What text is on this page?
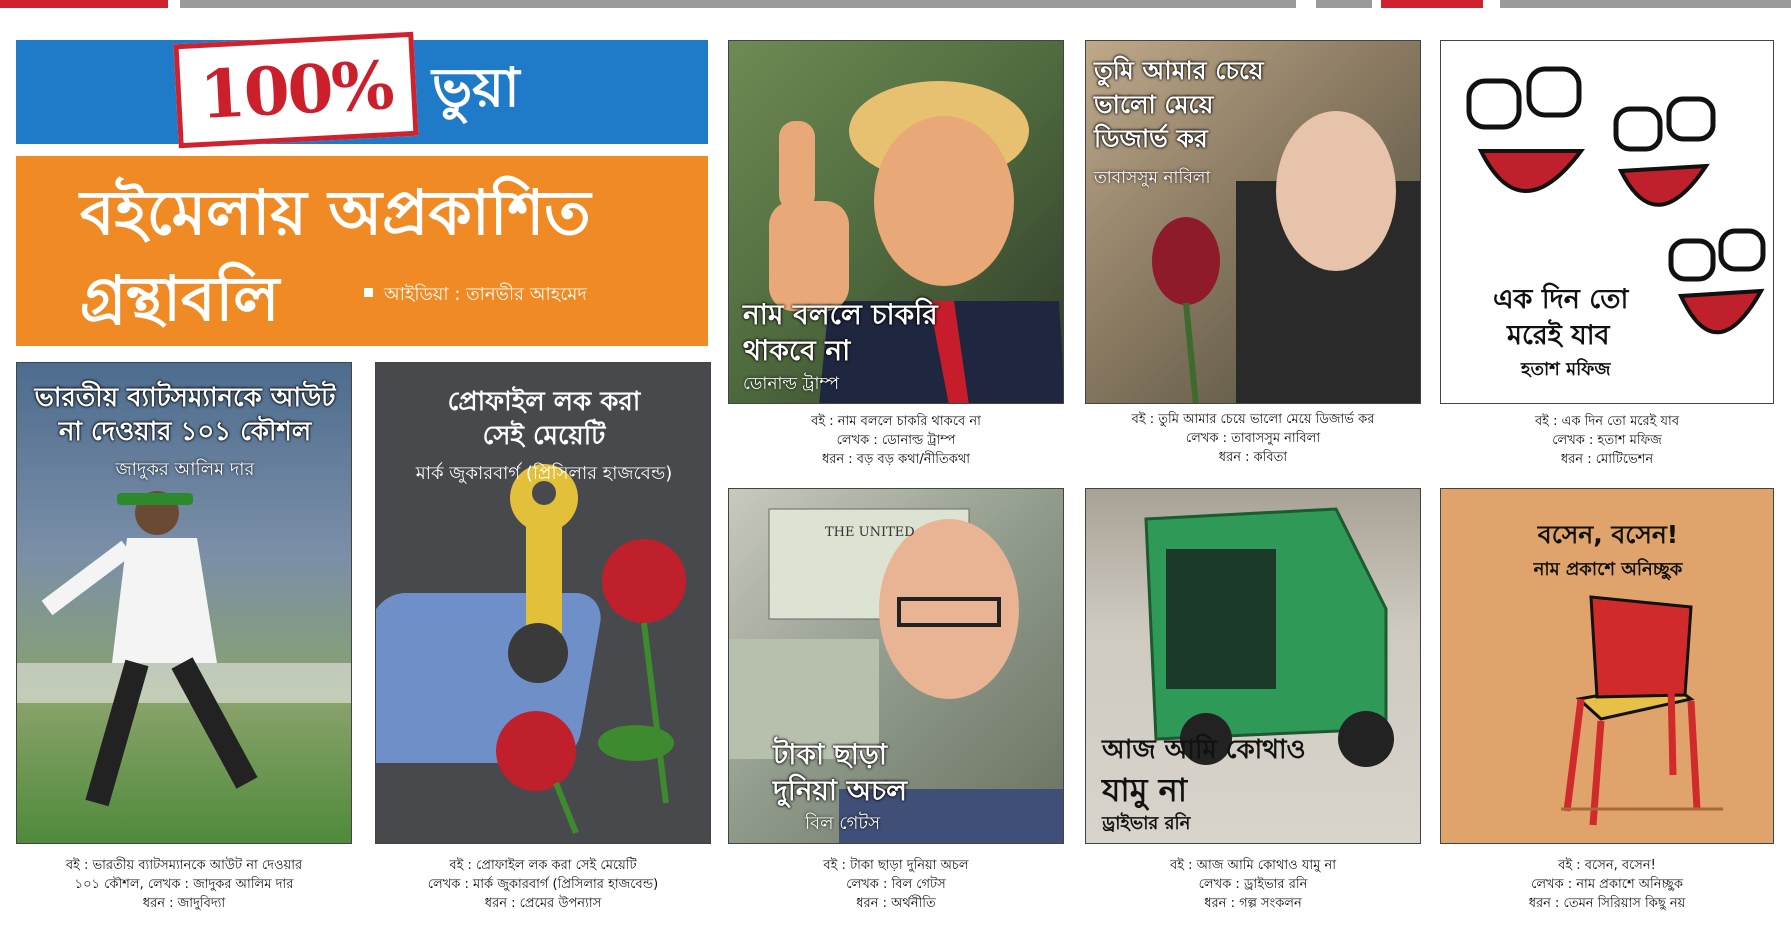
100% ভুয়া
বইমেলায় অপ্রকাশিত
গ্রন্থাবলি	আইডিয়া : তানভীর আহমেদ
ভারতীয় ব্যাটসম্যানকে আউট
না দেওয়ার ১০১ কৌশল
জাদুকর আলিম দার
বই : ভারতীয় ব্যাটসম্যানকে আউট না দেওয়ার
১০১ কৌশল, লেখক : জাদুকর আলিম দার
ধরন : জাদুবিদ্যা
প্রোফাইল লক করা
সেই মেয়েটি
মার্ক জুকারবার্গ (প্রিসিলার হাজবেন্ড)
বই : প্রোফাইল লক করা সেই মেয়েটি
লেখক : মার্ক জুকারবার্গ (প্রিসিলার হাজবেন্ড)
ধরন : প্রেমের উপন্যাস
নাম বললে চাকরি
থাকবে না
ডোনাল্ড ট্রাম্প
বই : নাম বললে চাকরি থাকবে না
লেখক : ডোনাল্ড ট্রাম্প
ধরন : বড় বড় কথা/নীতিকথা
তুমি আমার চেয়ে
ভালো মেয়ে
ডিজার্ভ কর
তাবাসসুম নাবিলা
বই : তুমি আমার চেয়ে ভালো মেয়ে ডিজার্ভ কর
লেখক : তাবাসসুম নাবিলা
ধরন : কবিতা
এক দিন তো
মরেই যাব
হতাশ মফিজ
বই : এক দিন তো মরেই যাব
লেখক : হতাশ মফিজ
ধরন : মোটিভেশন
THE UNITED
টাকা ছাড়া
দুনিয়া অচল
বিল গেটস
বই : টাকা ছাড়া দুনিয়া অচল
লেখক : বিল গেটস
ধরন : অর্থনীতি
আজ আমি কোথাও
যামু না
ড্রাইভার রনি
বই : আজ আমি কোথাও যামু না
লেখক : ড্রাইভার রনি
ধরন : গল্প সংকলন
বসেন, বসেন!
নাম প্রকাশে অনিচ্ছুক
বই : বসেন, বসেন!
লেখক : নাম প্রকাশে অনিচ্ছুক
ধরন : তেমন সিরিয়াস কিছু নয়
